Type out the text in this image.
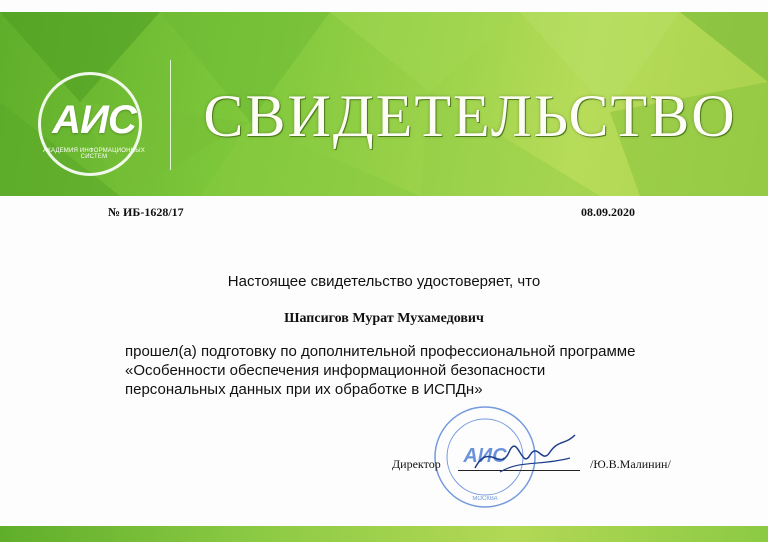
АИС
АКАДЕМИЯ ИНФОРМАЦИОННЫХ СИСТЕМ
СВИДЕТЕЛЬСТВО
№ ИБ-1628/17	08.09.2020
Настоящее свидетельство удостоверяет, что
Шапсигов Мурат Мухамедович
прошел(а) подготовку по дополнительной профессиональной программе
«Особенности обеспечения информационной безопасности
персональных данных при их обработке в ИСПДн»
АИС
МОСКВА
Директор	/Ю.В.Малинин/
